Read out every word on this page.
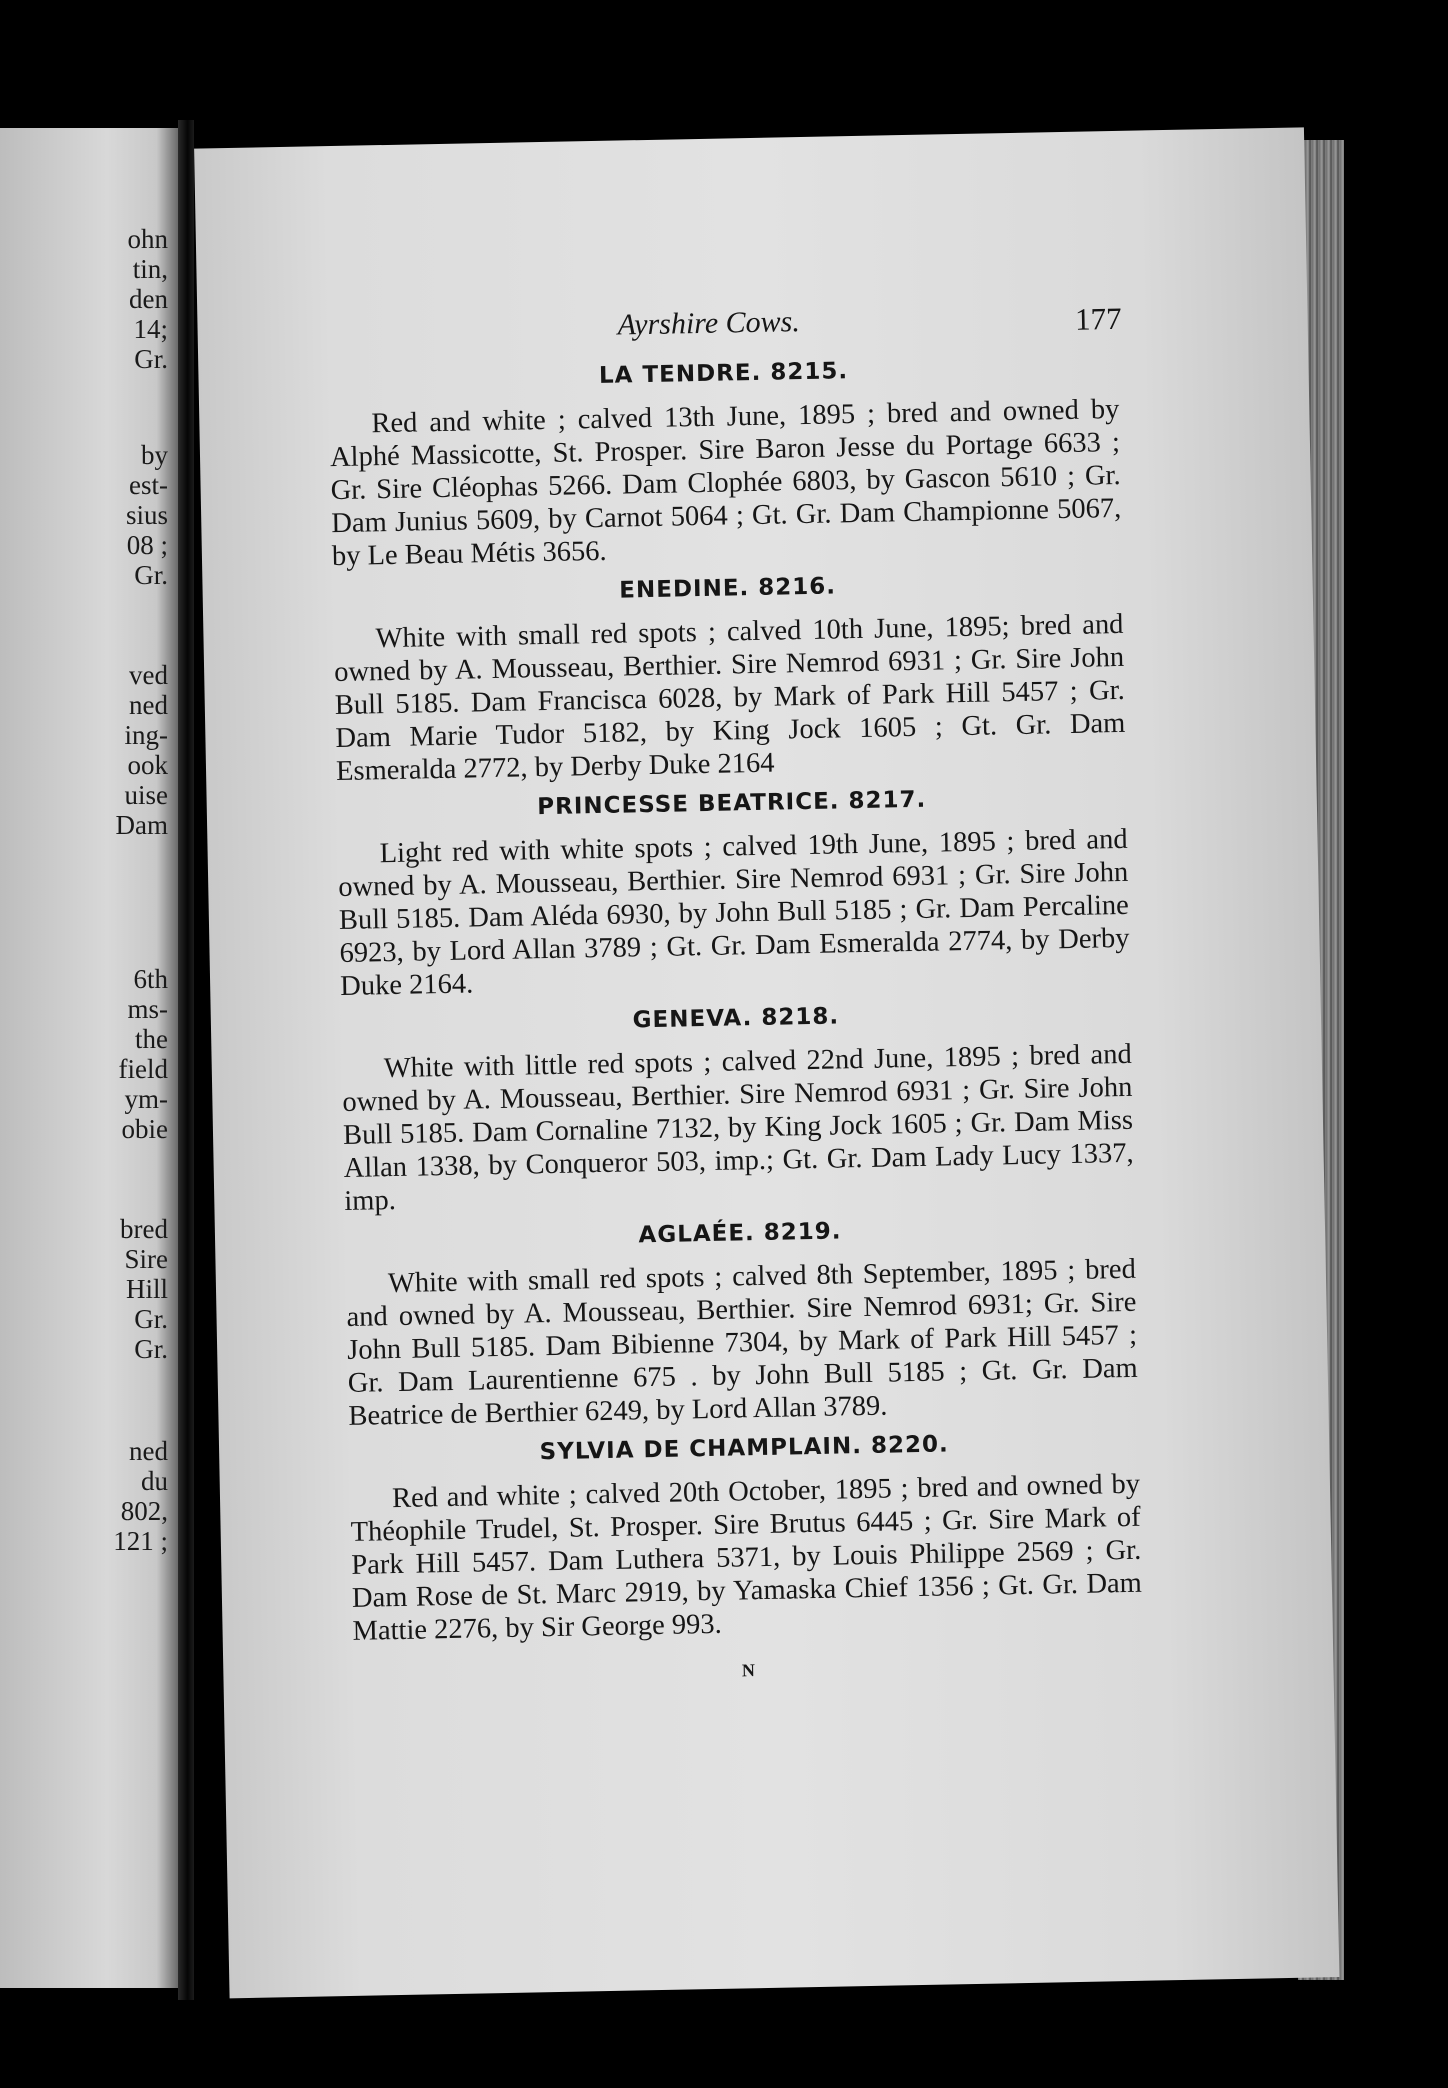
ohn
tin,
den
14;
Gr.
by
est-
sius
08 ;
Gr.
ved
ned
ing-
ook
uise
Dam
6th
ms-
the
field
ym-
obie
bred
Sire
Hill
Gr.
Gr.
ned
du
802,
121 ;
Ayrshire Cows.	177
LA TENDRE. 8215.

Red and white ; calved 13th June, 1895 ; bred and owned by Alphé Massicotte, St. Prosper. Sire Baron Jesse du Portage 6633 ; Gr. Sire Cléophas 5266. Dam Clophée 6803, by Gascon 5610 ; Gr. Dam Junius 5609, by Carnot 5064 ; Gt. Gr. Dam Championne 5067, by Le Beau Métis 3656.

ENEDINE. 8216.

White with small red spots ; calved 10th June, 1895; bred and owned by A. Mousseau, Berthier. Sire Nemrod 6931 ; Gr. Sire John Bull 5185. Dam Francisca 6028, by Mark of Park Hill 5457 ; Gr. Dam Marie Tudor 5182, by King Jock 1605 ; Gt. Gr. Dam Esmeralda 2772, by Derby Duke 2164

PRINCESSE BEATRICE. 8217.

Light red with white spots ; calved 19th June, 1895 ; bred and owned by A. Mousseau, Berthier. Sire Nemrod 6931 ; Gr. Sire John Bull 5185. Dam Aléda 6930, by John Bull 5185 ; Gr. Dam Percaline 6923, by Lord Allan 3789 ; Gt. Gr. Dam Esmeralda 2774, by Derby Duke 2164.

GENEVA. 8218.

White with little red spots ; calved 22nd June, 1895 ; bred and owned by A. Mousseau, Berthier. Sire Nemrod 6931 ; Gr. Sire John Bull 5185. Dam Cornaline 7132, by King Jock 1605 ; Gr. Dam Miss Allan 1338, by Conqueror 503, imp.; Gt. Gr. Dam Lady Lucy 1337, imp.

AGLAÉE. 8219.

White with small red spots ; calved 8th September, 1895 ; bred and owned by A. Mousseau, Berthier. Sire Nemrod 6931; Gr. Sire John Bull 5185. Dam Bibienne 7304, by Mark of Park Hill 5457 ; Gr. Dam Laurentienne 675 . by John Bull 5185 ; Gt. Gr. Dam Beatrice de Berthier 6249, by Lord Allan 3789.

SYLVIA DE CHAMPLAIN. 8220.

Red and white ; calved 20th October, 1895 ; bred and owned by Théophile Trudel, St. Prosper. Sire Brutus 6445 ; Gr. Sire Mark of Park Hill 5457. Dam Luthera 5371, by Louis Philippe 2569 ; Gr. Dam Rose de St. Marc 2919, by Yamaska Chief 1356 ; Gt. Gr. Dam Mattie 2276, by Sir George 993.

N
